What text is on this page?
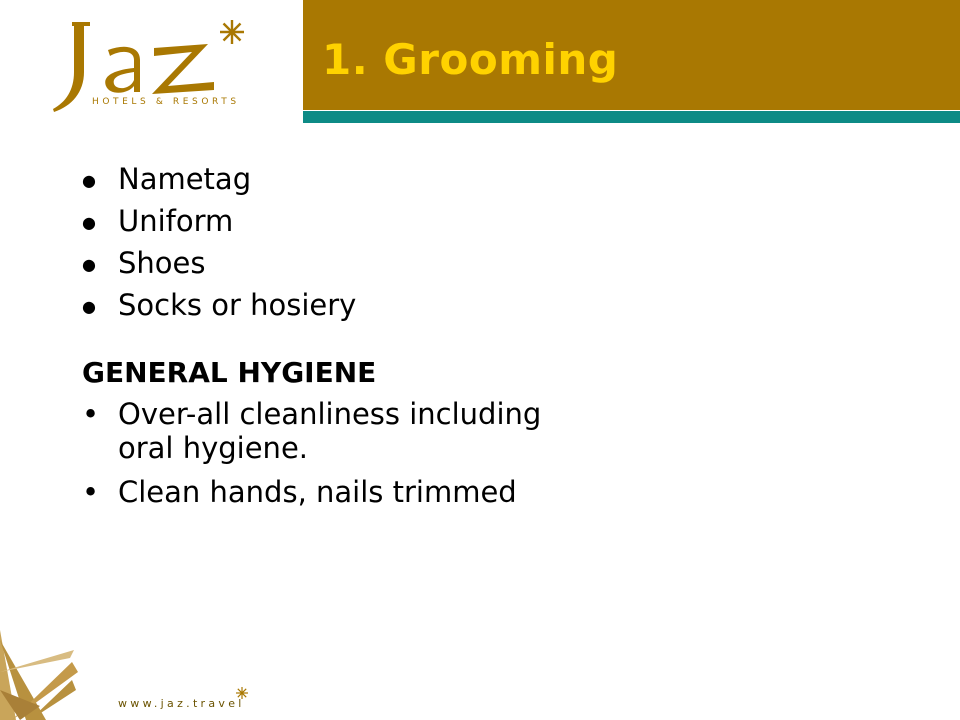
HOTELS & RESORTS
1. Grooming
● Nametag
● Uniform
● Shoes
● Socks or hosiery
GENERAL HYGIENE
• Over-all cleanliness including oral hygiene.
• Clean hands, nails trimmed
www.jaz.travel
